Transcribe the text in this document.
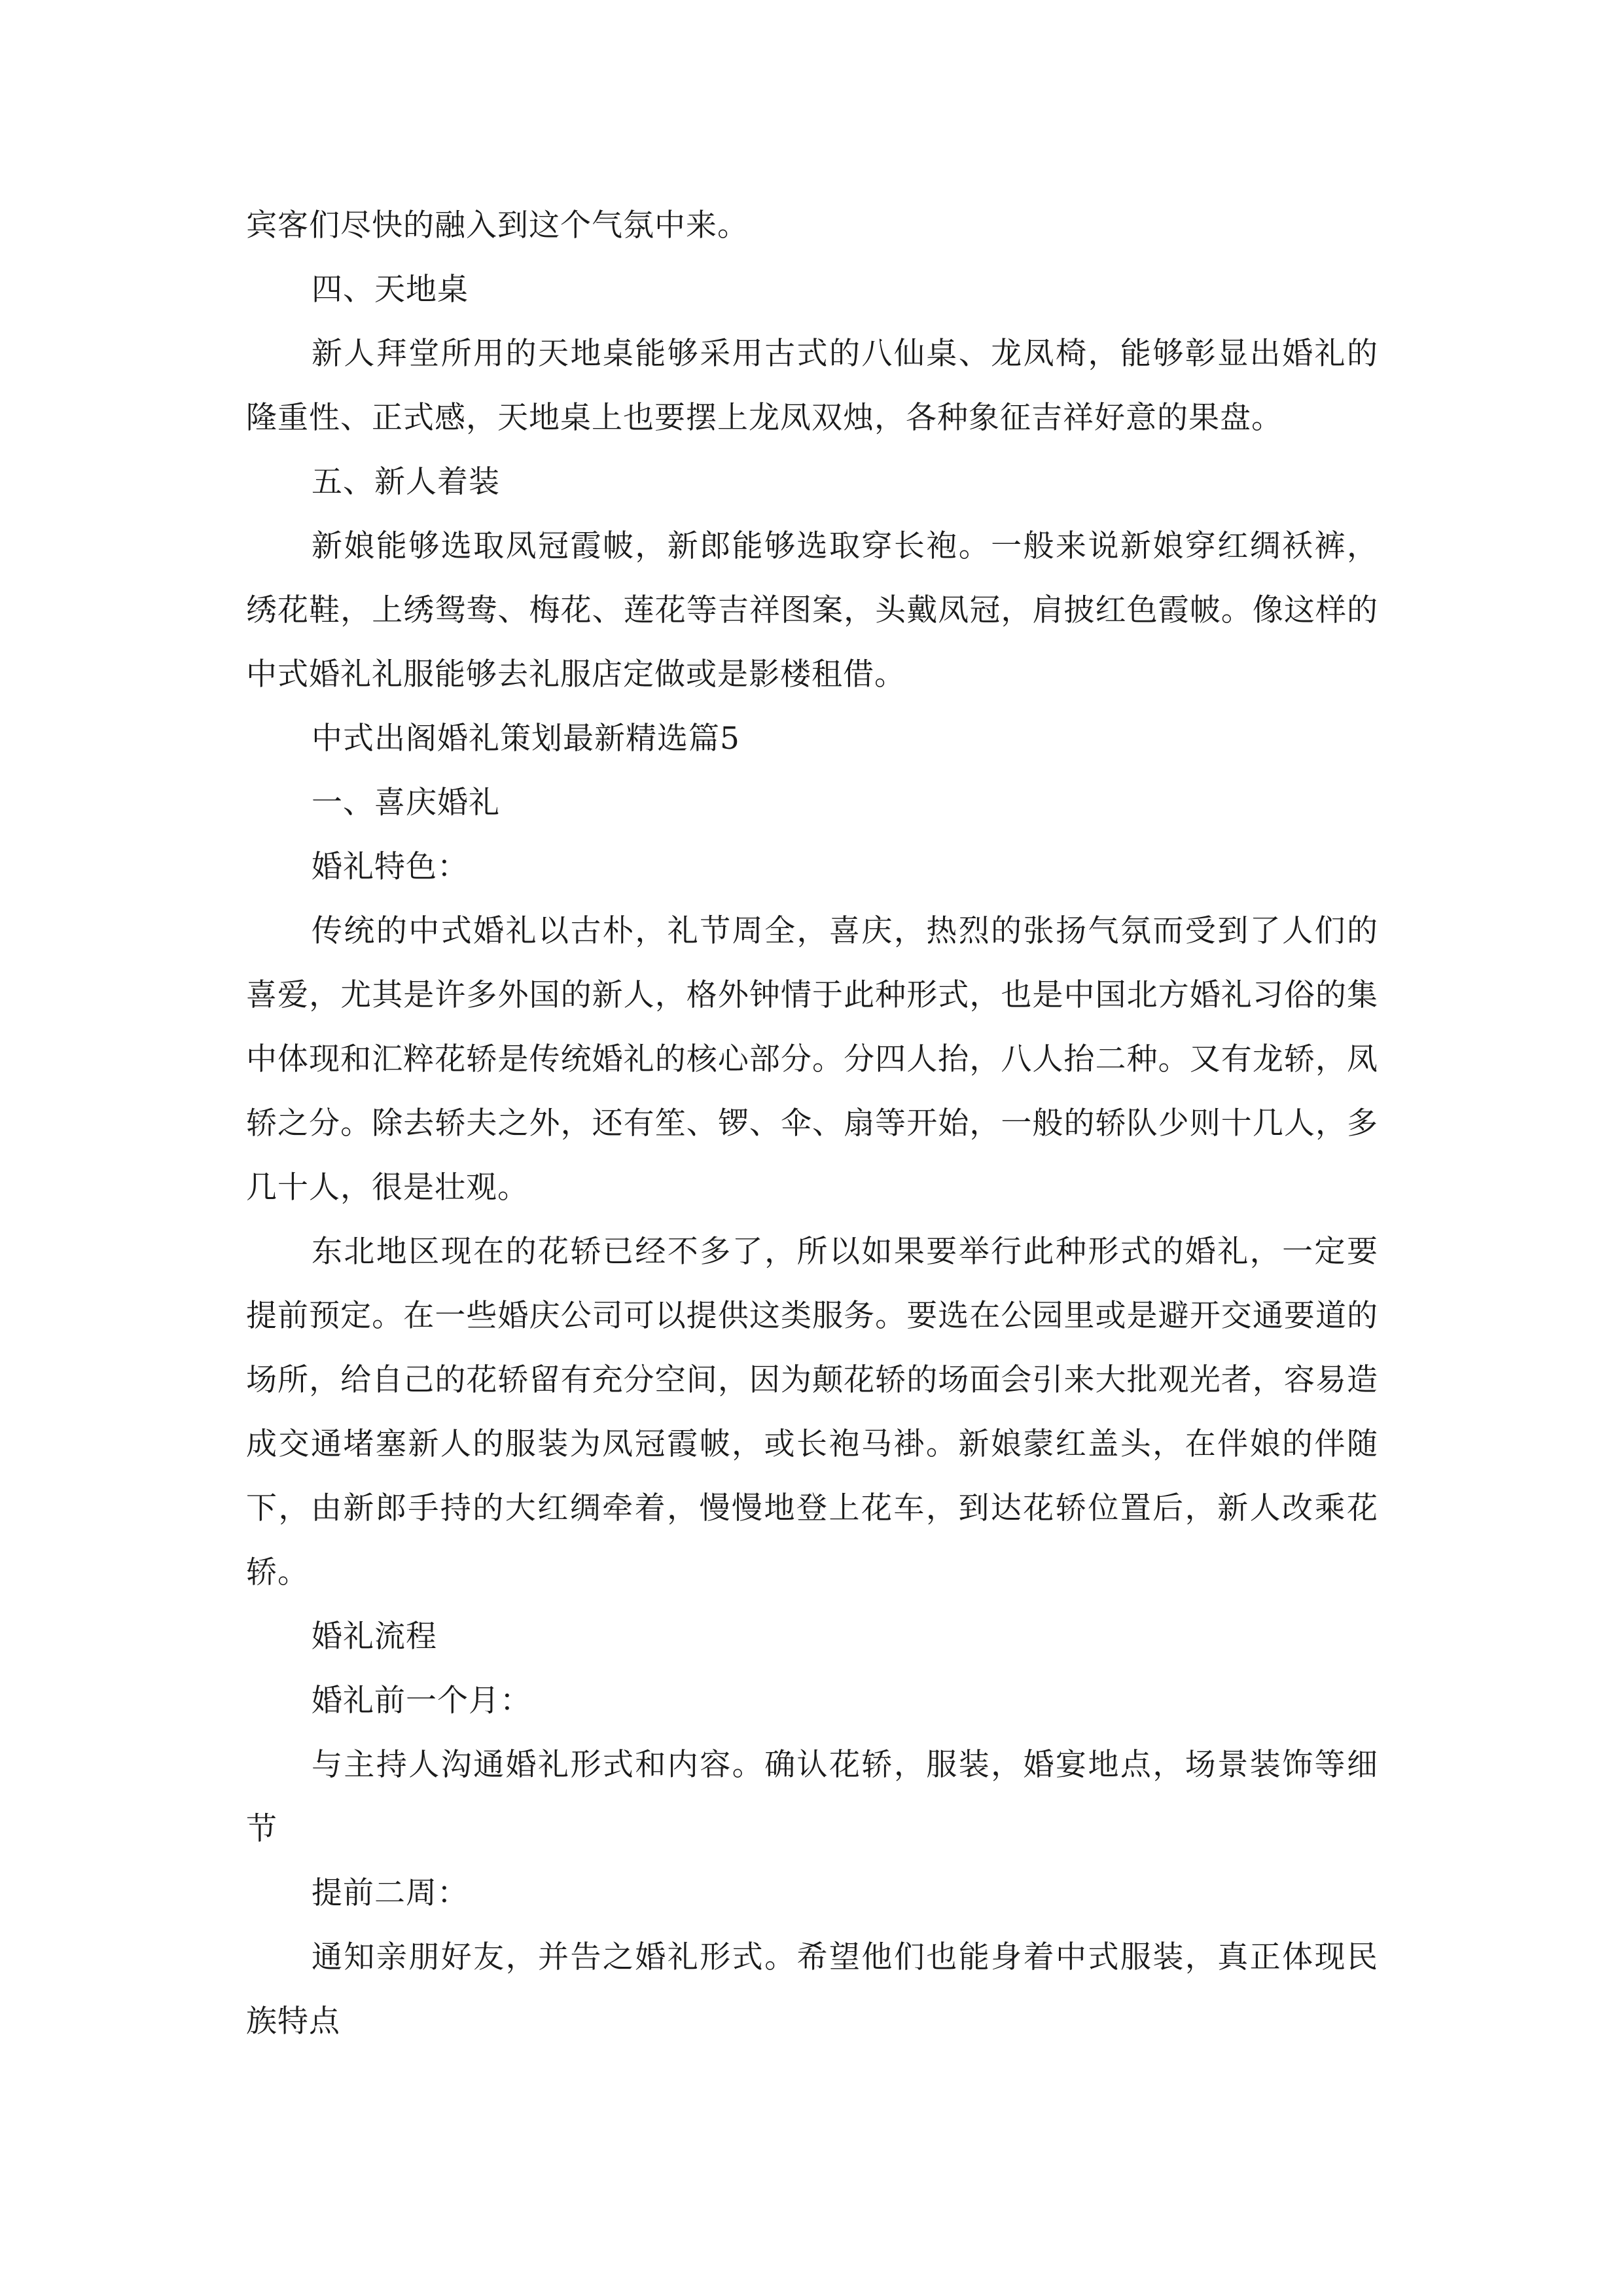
宾客们尽快的融入到这个气氛中来。

四、天地桌

新人拜堂所用的天地桌能够采用古式的八仙桌、龙凤椅，能够彰显出婚礼的隆重性、正式感，天地桌上也要摆上龙凤双烛，各种象征吉祥好意的果盘。

五、新人着装

新娘能够选取凤冠霞帔，新郎能够选取穿长袍。一般来说新娘穿红绸袄裤，绣花鞋，上绣鸳鸯、梅花、莲花等吉祥图案，头戴凤冠，肩披红色霞帔。像这样的中式婚礼礼服能够去礼服店定做或是影楼租借。

中式出阁婚礼策划最新精选篇5

一、喜庆婚礼

婚礼特色：

传统的中式婚礼以古朴，礼节周全，喜庆，热烈的张扬气氛而受到了人们的喜爱，尤其是许多外国的新人，格外钟情于此种形式，也是中国北方婚礼习俗的集中体现和汇粹花轿是传统婚礼的核心部分。分四人抬，八人抬二种。又有龙轿，凤轿之分。除去轿夫之外，还有笙、锣、伞、扇等开始，一般的轿队少则十几人，多几十人，很是壮观。

东北地区现在的花轿已经不多了，所以如果要举行此种形式的婚礼，一定要提前预定。在一些婚庆公司可以提供这类服务。要选在公园里或是避开交通要道的场所，给自己的花轿留有充分空间，因为颠花轿的场面会引来大批观光者，容易造成交通堵塞新人的服装为凤冠霞帔，或长袍马褂。新娘蒙红盖头，在伴娘的伴随下，由新郎手持的大红绸牵着，慢慢地登上花车，到达花轿位置后，新人改乘花轿。

婚礼流程

婚礼前一个月：

与主持人沟通婚礼形式和内容。确认花轿，服装，婚宴地点，场景装饰等细节

提前二周：

通知亲朋好友，并告之婚礼形式。希望他们也能身着中式服装，真正体现民族特点
